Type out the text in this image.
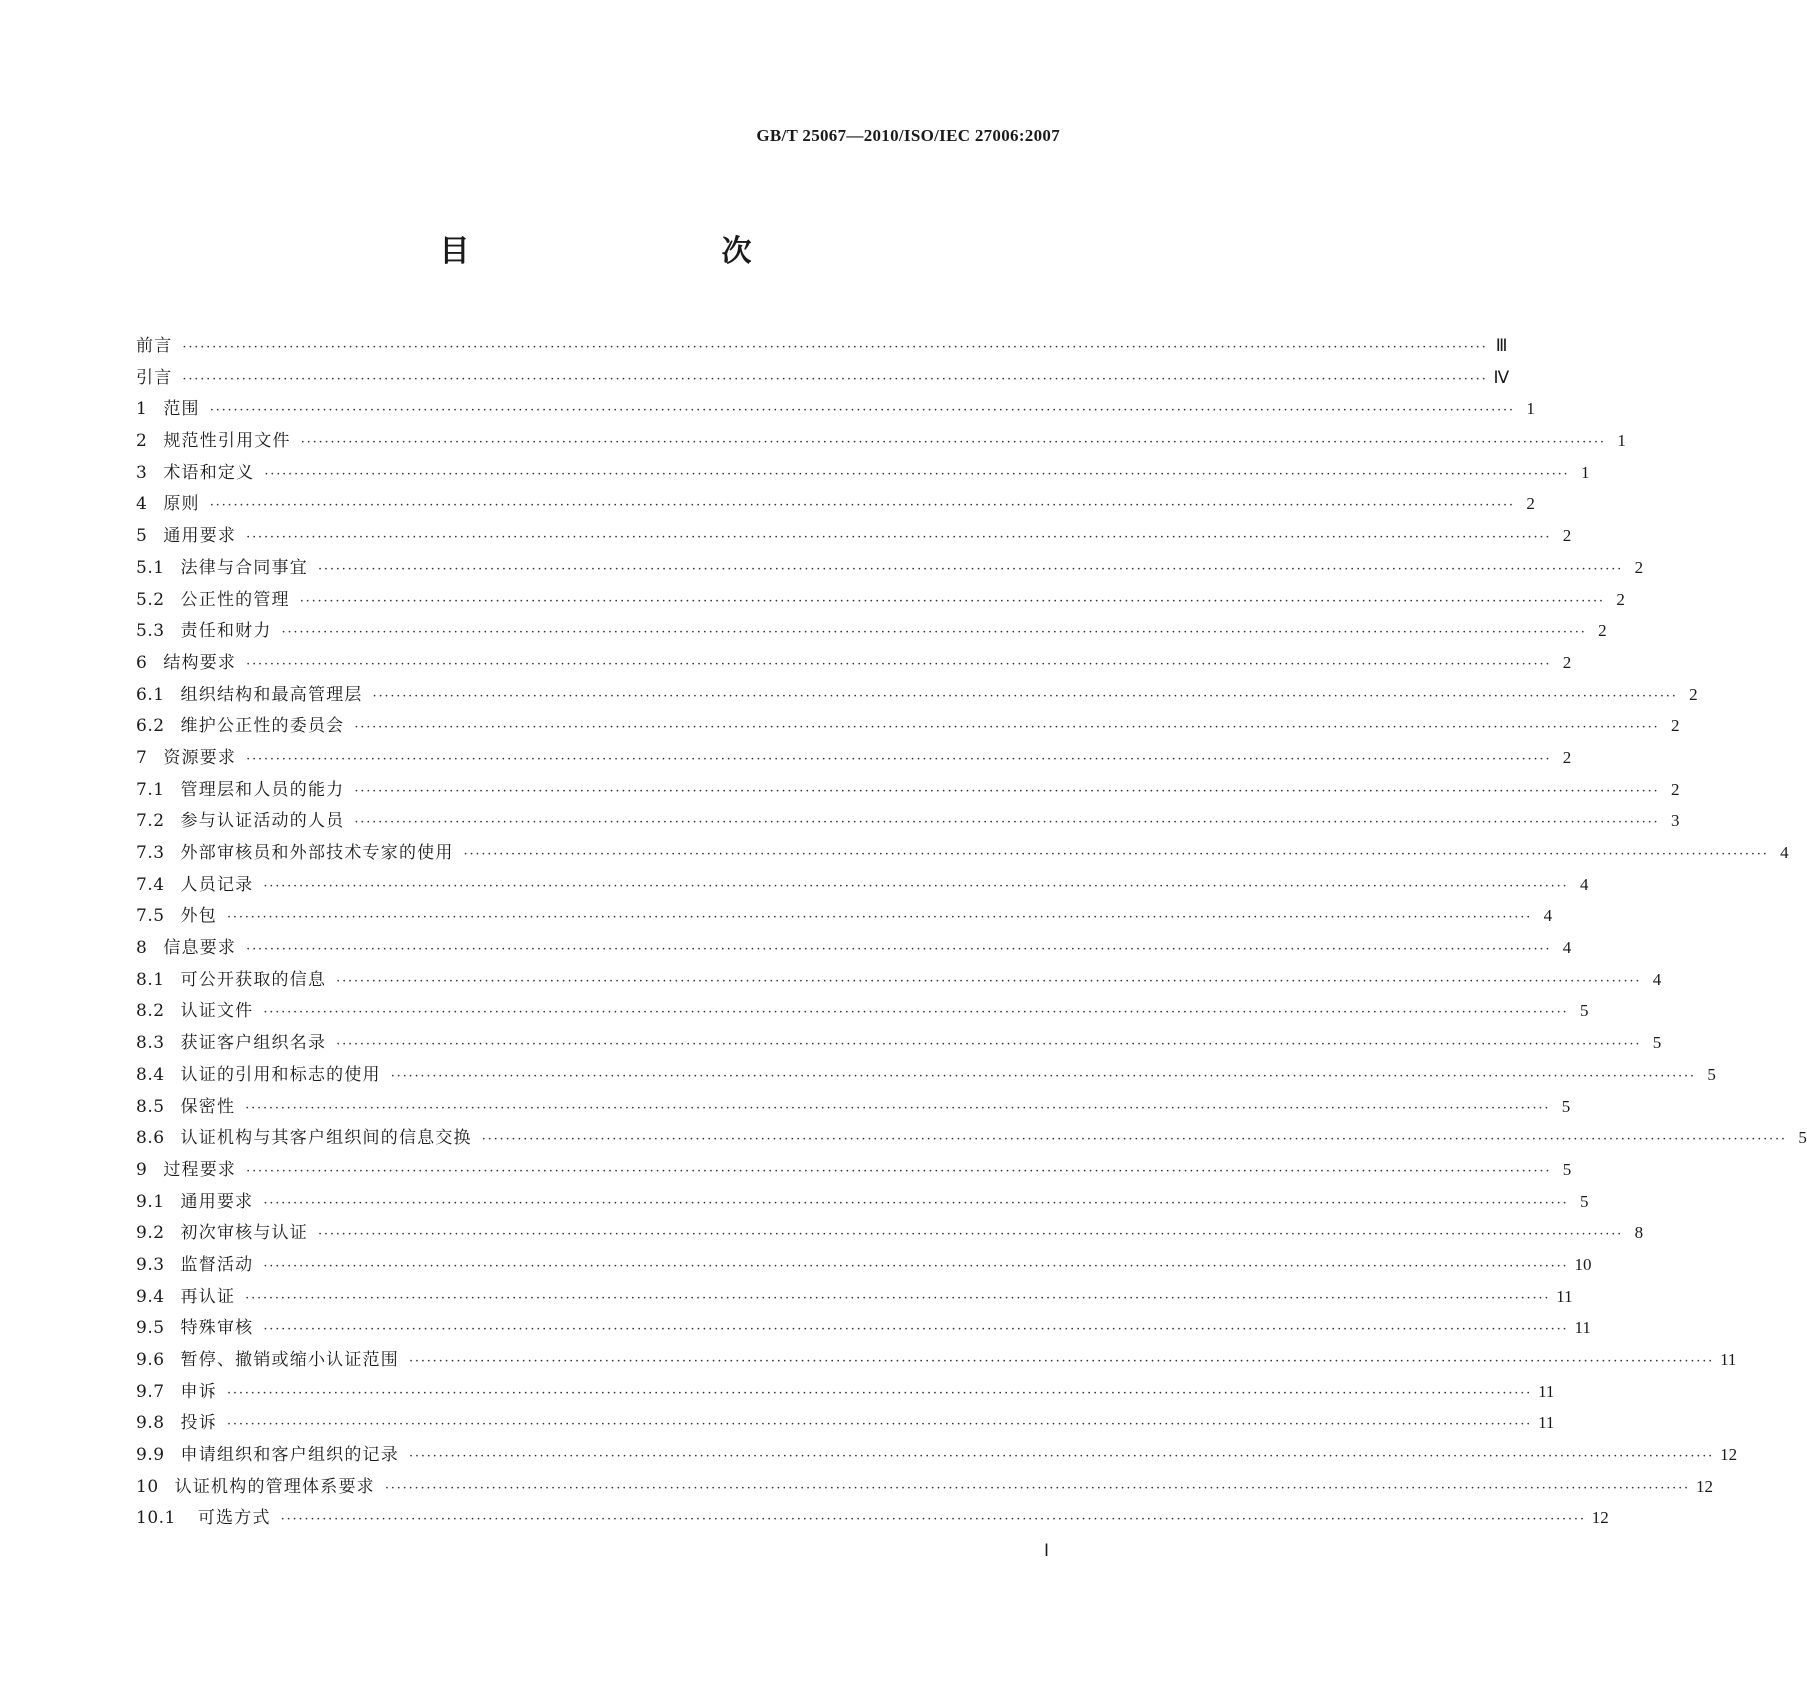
GB/T 25067—2010/ISO/IEC 27006:2007
目　　次
前言 ···························································································································································································································· Ⅲ
引言 ···························································································································································································································· Ⅳ
1 范围 ···························································································································································································································· 1
2 规范性引用文件 ···························································································································································································································· 1
3 术语和定义 ···························································································································································································································· 1
4 原则 ···························································································································································································································· 2
5 通用要求 ···························································································································································································································· 2
5.1 法律与合同事宜 ···························································································································································································································· 2
5.2 公正性的管理 ···························································································································································································································· 2
5.3 责任和财力 ···························································································································································································································· 2
6 结构要求 ···························································································································································································································· 2
6.1 组织结构和最高管理层 ···························································································································································································································· 2
6.2 维护公正性的委员会 ···························································································································································································································· 2
7 资源要求 ···························································································································································································································· 2
7.1 管理层和人员的能力 ···························································································································································································································· 2
7.2 参与认证活动的人员 ···························································································································································································································· 3
7.3 外部审核员和外部技术专家的使用 ···························································································································································································································· 4
7.4 人员记录 ···························································································································································································································· 4
7.5 外包 ···························································································································································································································· 4
8 信息要求 ···························································································································································································································· 4
8.1 可公开获取的信息 ···························································································································································································································· 4
8.2 认证文件 ···························································································································································································································· 5
8.3 获证客户组织名录 ···························································································································································································································· 5
8.4 认证的引用和标志的使用 ···························································································································································································································· 5
8.5 保密性 ···························································································································································································································· 5
8.6 认证机构与其客户组织间的信息交换 ···························································································································································································································· 5
9 过程要求 ···························································································································································································································· 5
9.1 通用要求 ···························································································································································································································· 5
9.2 初次审核与认证 ···························································································································································································································· 8
9.3 监督活动 ···························································································································································································································· 10
9.4 再认证 ···························································································································································································································· 11
9.5 特殊审核 ···························································································································································································································· 11
9.6 暂停、撤销或缩小认证范围 ···························································································································································································································· 11
9.7 申诉 ···························································································································································································································· 11
9.8 投诉 ···························································································································································································································· 11
9.9 申请组织和客户组织的记录 ···························································································································································································································· 12
10 认证机构的管理体系要求 ···························································································································································································································· 12
10.1 可选方式 ···························································································································································································································· 12
Ⅰ
